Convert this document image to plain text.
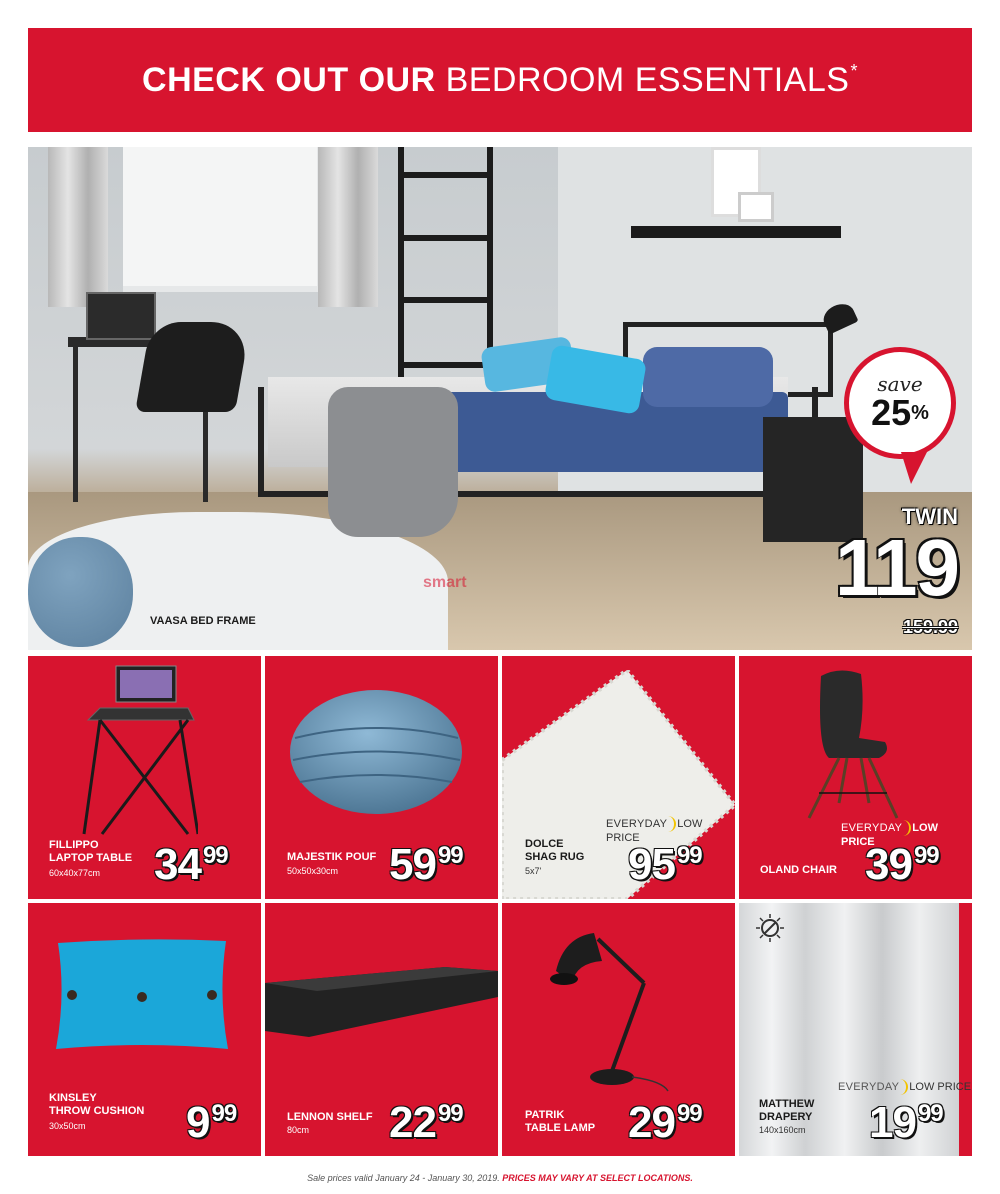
CHECK OUT OUR BEDROOM ESSENTIALS*
VAASA BED FRAME
smart
save
25%
TWIN
119
159.99
FILLIPPO
LAPTOP TABLE
60x40x77cm $34^{99}$	MAJESTIK POUF
50x50x30cm $59^{99}$
EVERYDAY LOW PRICE
DOLCE
SHAG RUG
5x7' $95^{99}$
EVERYDAY LOW PRICE
OLAND CHAIR $39^{99}$
KINSLEY
THROW CUSHION
30x50cm $9^{99}$	LENNON SHELF
80cm $22^{99}$	PATRIK
TABLE LAMP $29^{99}$
EVERYDAY LOW PRICE
MATTHEW
DRAPERY
140x160cm $19^{99}$
Sale prices valid January 24 - January 30, 2019. PRICES MAY VARY AT SELECT LOCATIONS.
